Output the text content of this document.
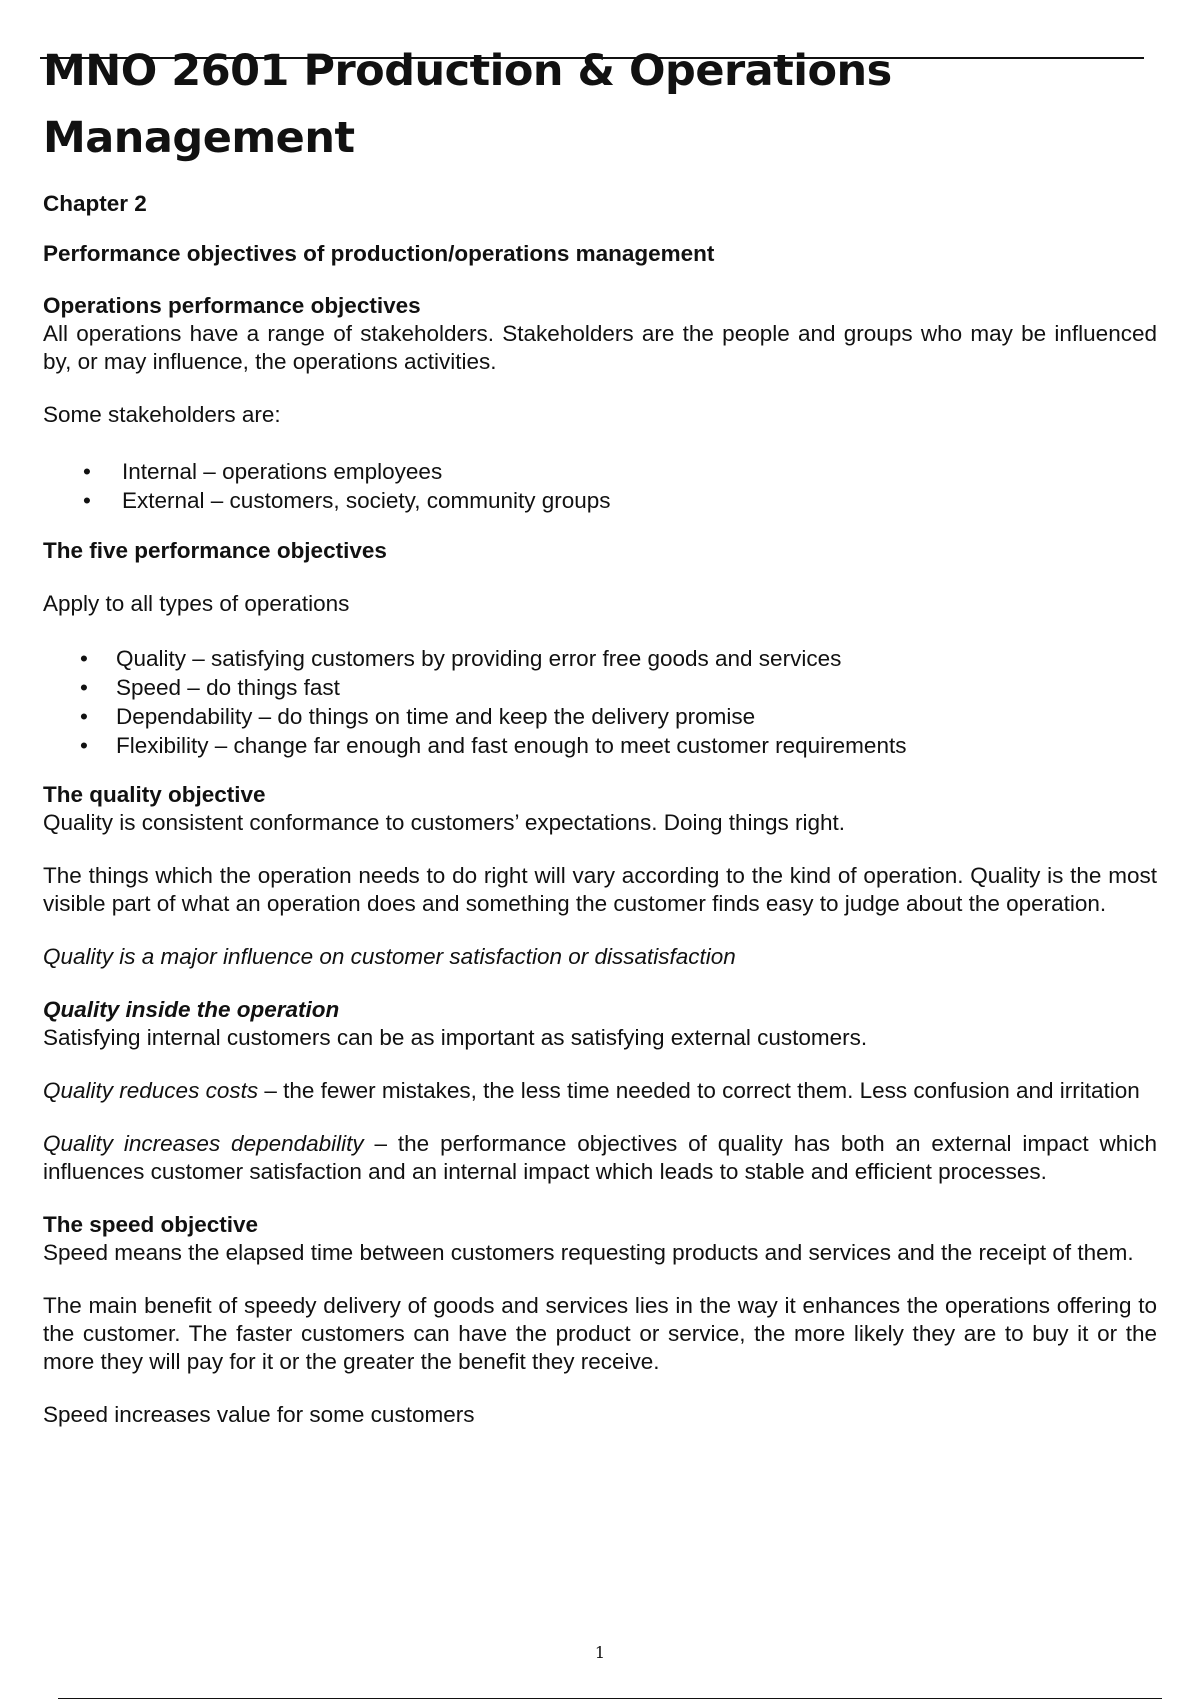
MNO 2601 Production & Operations
Management

Chapter 2

Performance objectives of production/operations management

Operations performance objectives

All operations have a range of stakeholders. Stakeholders are the people and groups who may be influenced by, or may influence, the operations activities.

Some stakeholders are:

•	Internal – operations employees
•	External – customers, society, community groups

The five performance objectives

Apply to all types of operations

•	Quality – satisfying customers by providing error free goods and services
•	Speed – do things fast
•	Dependability – do things on time and keep the delivery promise
•	Flexibility – change far enough and fast enough to meet customer requirements

The quality objective

Quality is consistent conformance to customers’ expectations. Doing things right.

The things which the operation needs to do right will vary according to the kind of operation. Quality is the most visible part of what an operation does and something the customer finds easy to judge about the operation.

Quality is a major influence on customer satisfaction or dissatisfaction

Quality inside the operation

Satisfying internal customers can be as important as satisfying external customers.

Quality reduces costs – the fewer mistakes, the less time needed to correct them. Less confusion and irritation

Quality increases dependability – the performance objectives of quality has both an external impact which influences customer satisfaction and an internal impact which leads to stable and efficient processes.

The speed objective

Speed means the elapsed time between customers requesting products and services and the receipt of them.

The main benefit of speedy delivery of goods and services lies in the way it enhances the operations offering to the customer. The faster customers can have the product or service, the more likely they are to buy it or the more they will pay for it or the greater the benefit they receive.

Speed increases value for some customers

1
